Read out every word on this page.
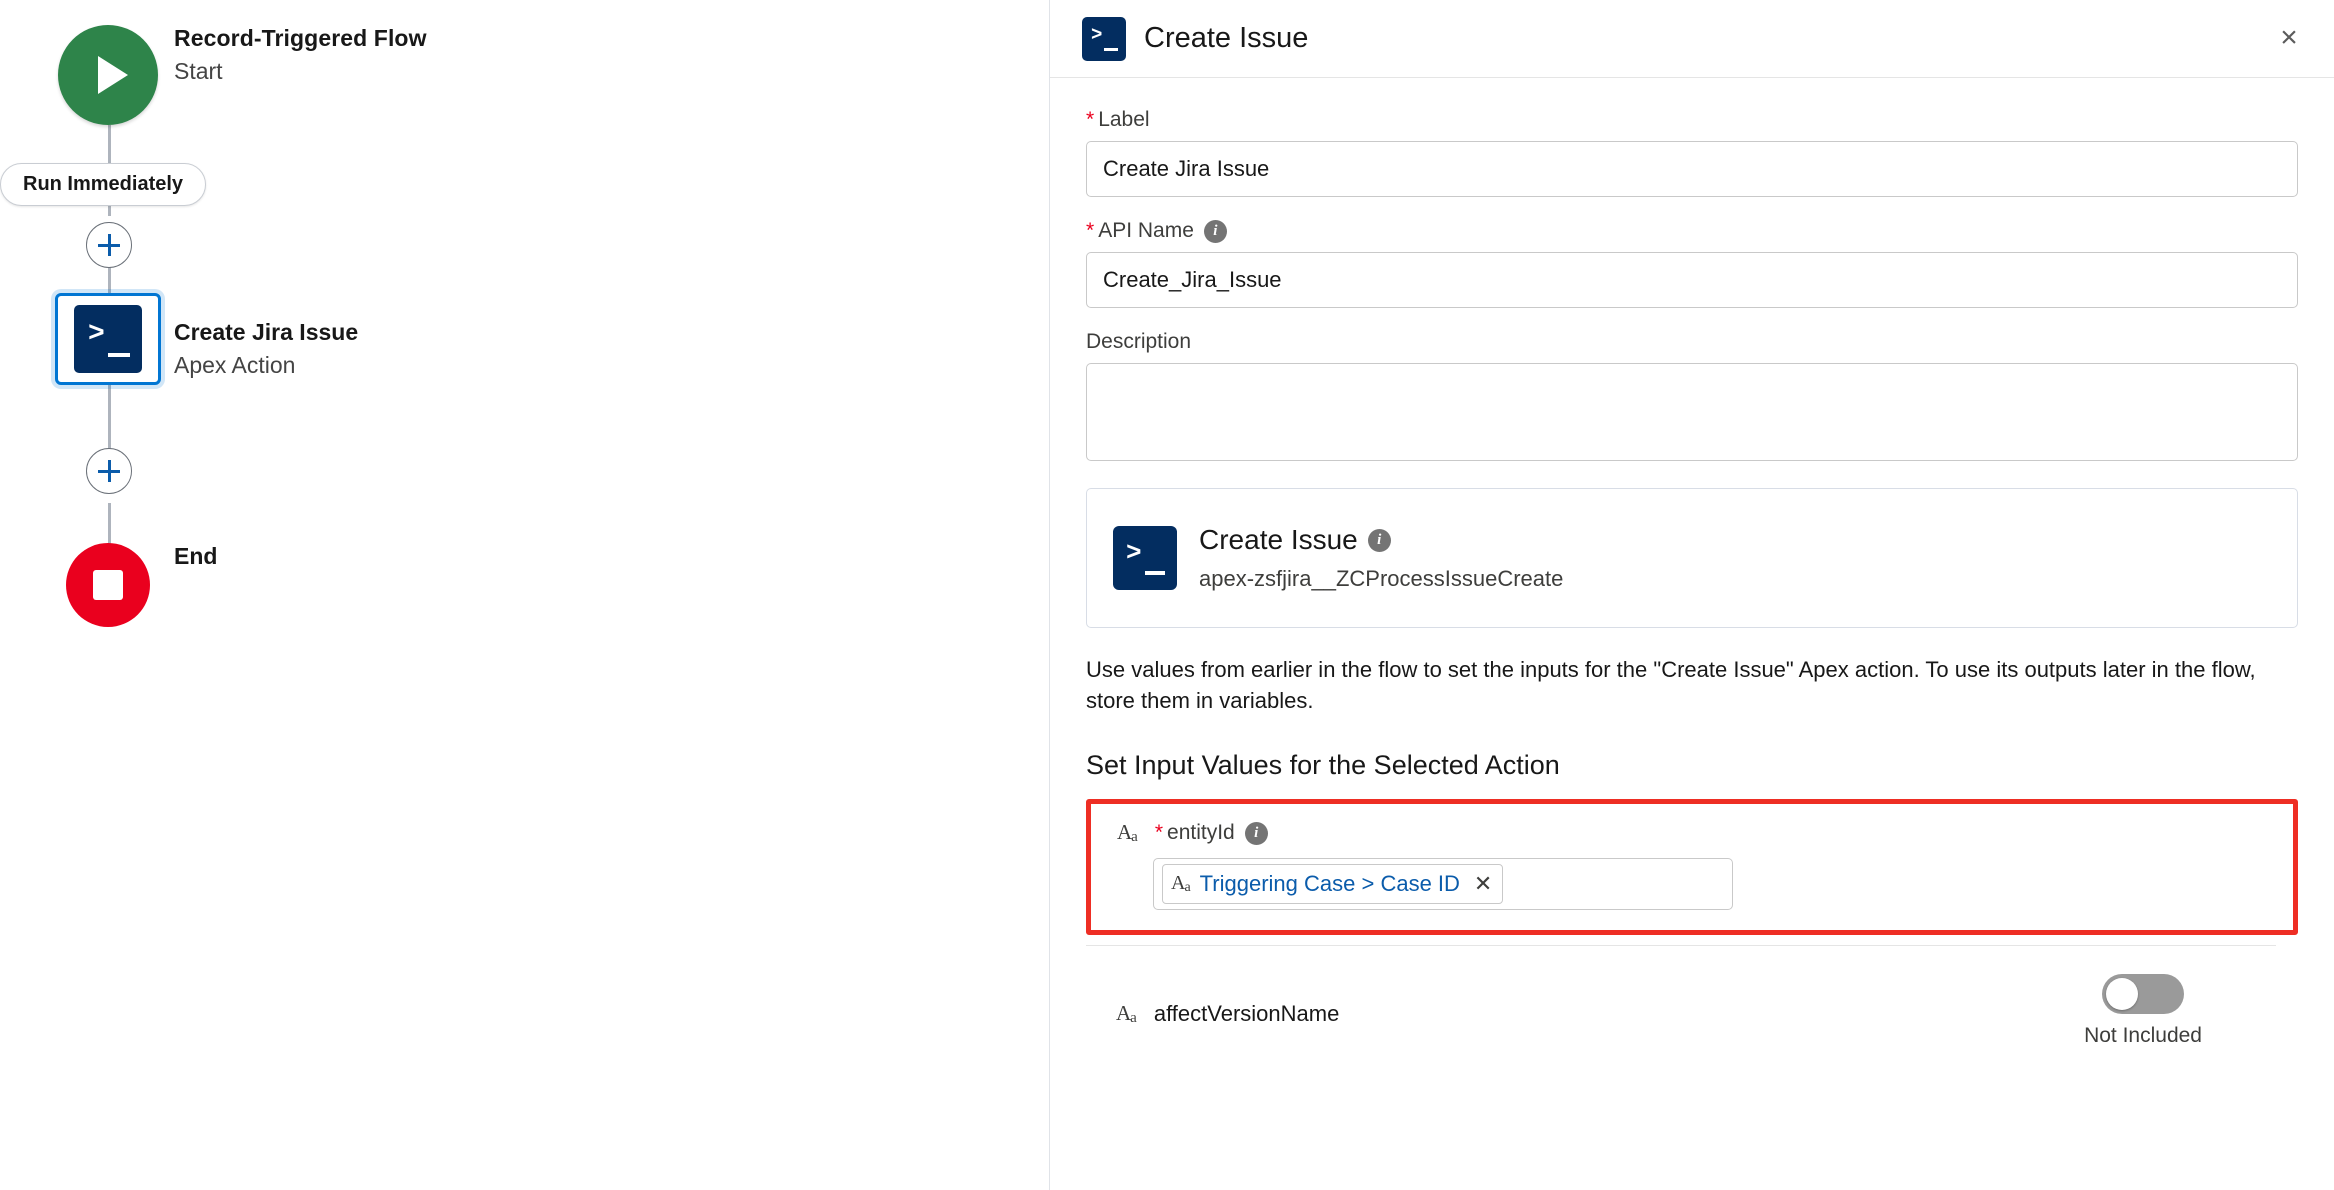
Record-Triggered Flow
Start
Run Immediately
>	Create Jira Issue
Apex Action
End
> Create Issue	×
* Label
Create Jira Issue
* API Name	i
Create_Jira_Issue
Description
> Create Issue	i
apex-zsfjira__ZCProcessIssueCreate
Use values from earlier in the flow to set the inputs for the "Create Issue" Apex action. To use its outputs later in the flow, store them in variables.
Set Input Values for the Selected Action
Aa * entityId	i
Aa Triggering Case > Case ID ✕
Aa affectVersionName
Not Included
